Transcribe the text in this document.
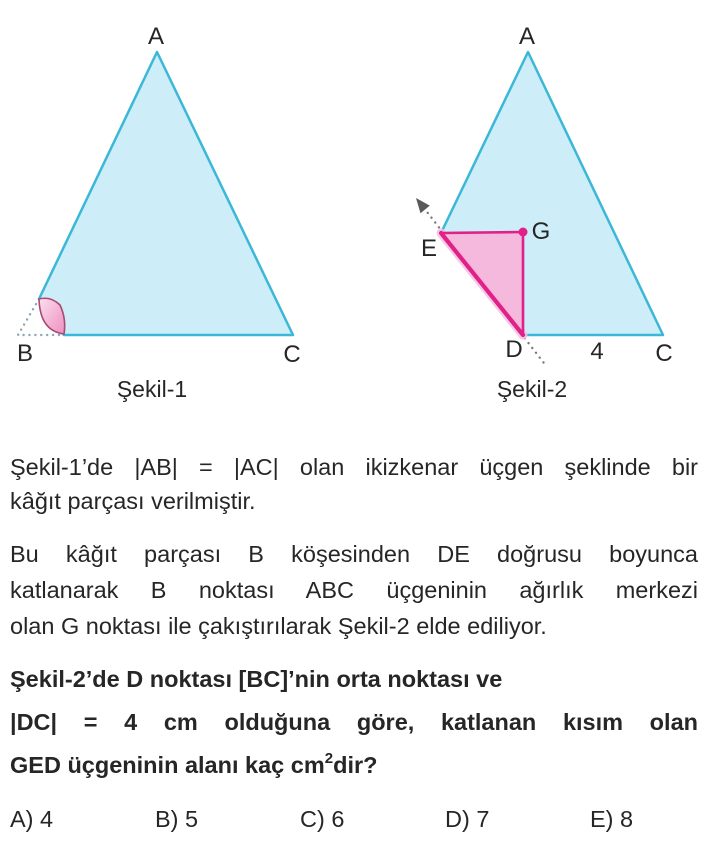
A
B	C
Şekil-1
A
E
G
D	4 C
Şekil-2
Şekil-1’de |AB| = |AC| olan ikizkenar üçgen şeklinde bir
kâğıt parçası verilmiştir.
Bu kâğıt parçası B köşesinden DE doğrusu boyunca
katlanarak B noktası ABC üçgeninin ağırlık merkezi
olan G noktası ile çakıştırılarak Şekil-2 elde ediliyor.
Şekil-2’de D noktası [BC]’nin orta noktası ve
|DC| = 4 cm olduğuna göre, katlanan kısım olan
GED üçgeninin alanı kaç $cm^2dir$?
A) 4	B) 5	C) 6	D) 7	E) 8
